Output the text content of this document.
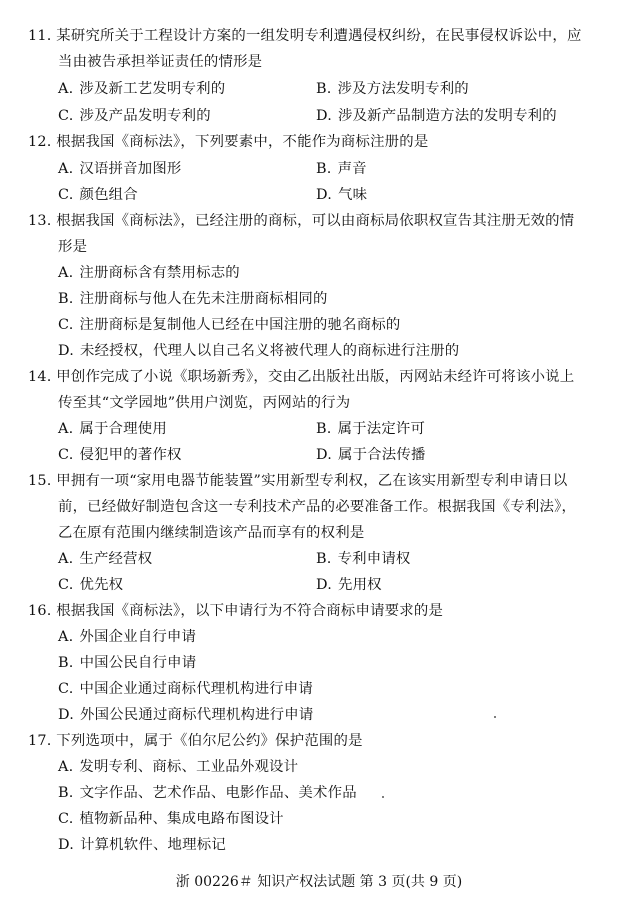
11. 某研究所关于工程设计方案的一组发明专利遭遇侵权纠纷，在民事侵权诉讼中，应
当由被告承担举证责任的情形是
A. 涉及新工艺发明专利的	B. 涉及方法发明专利的
C. 涉及产品发明专利的	D. 涉及新产品制造方法的发明专利的
12. 根据我国《商标法》，下列要素中，不能作为商标注册的是
A. 汉语拼音加图形	B. 声音
C. 颜色组合	D. 气味
13. 根据我国《商标法》，已经注册的商标，可以由商标局依职权宣告其注册无效的情
形是
A. 注册商标含有禁用标志的
B. 注册商标与他人在先未注册商标相同的
C. 注册商标是复制他人已经在中国注册的驰名商标的
D. 未经授权，代理人以自己名义将被代理人的商标进行注册的
14. 甲创作完成了小说《职场新秀》，交由乙出版社出版，丙网站未经许可将该小说上
传至其“文学园地”供用户浏览，丙网站的行为
A. 属于合理使用	B. 属于法定许可
C. 侵犯甲的著作权	D. 属于合法传播
15. 甲拥有一项“家用电器节能装置”实用新型专利权，乙在该实用新型专利申请日以
前，已经做好制造包含这一专利技术产品的必要准备工作。根据我国《专利法》，
乙在原有范围内继续制造该产品而享有的权利是
A. 生产经营权	B. 专利申请权
C. 优先权	D. 先用权
16. 根据我国《商标法》，以下申请行为不符合商标申请要求的是
A. 外国企业自行申请
B. 中国公民自行申请
C. 中国企业通过商标代理机构进行申请
D. 外国公民通过商标代理机构进行申请
17. 下列选项中，属于《伯尔尼公约》保护范围的是
A. 发明专利、商标、工业品外观设计
B. 文字作品、艺术作品、电影作品、美术作品
C. 植物新品种、集成电路布图设计
D. 计算机软件、地理标记
浙 00226＃ 知识产权法试题 第 3 页(共 9 页)
